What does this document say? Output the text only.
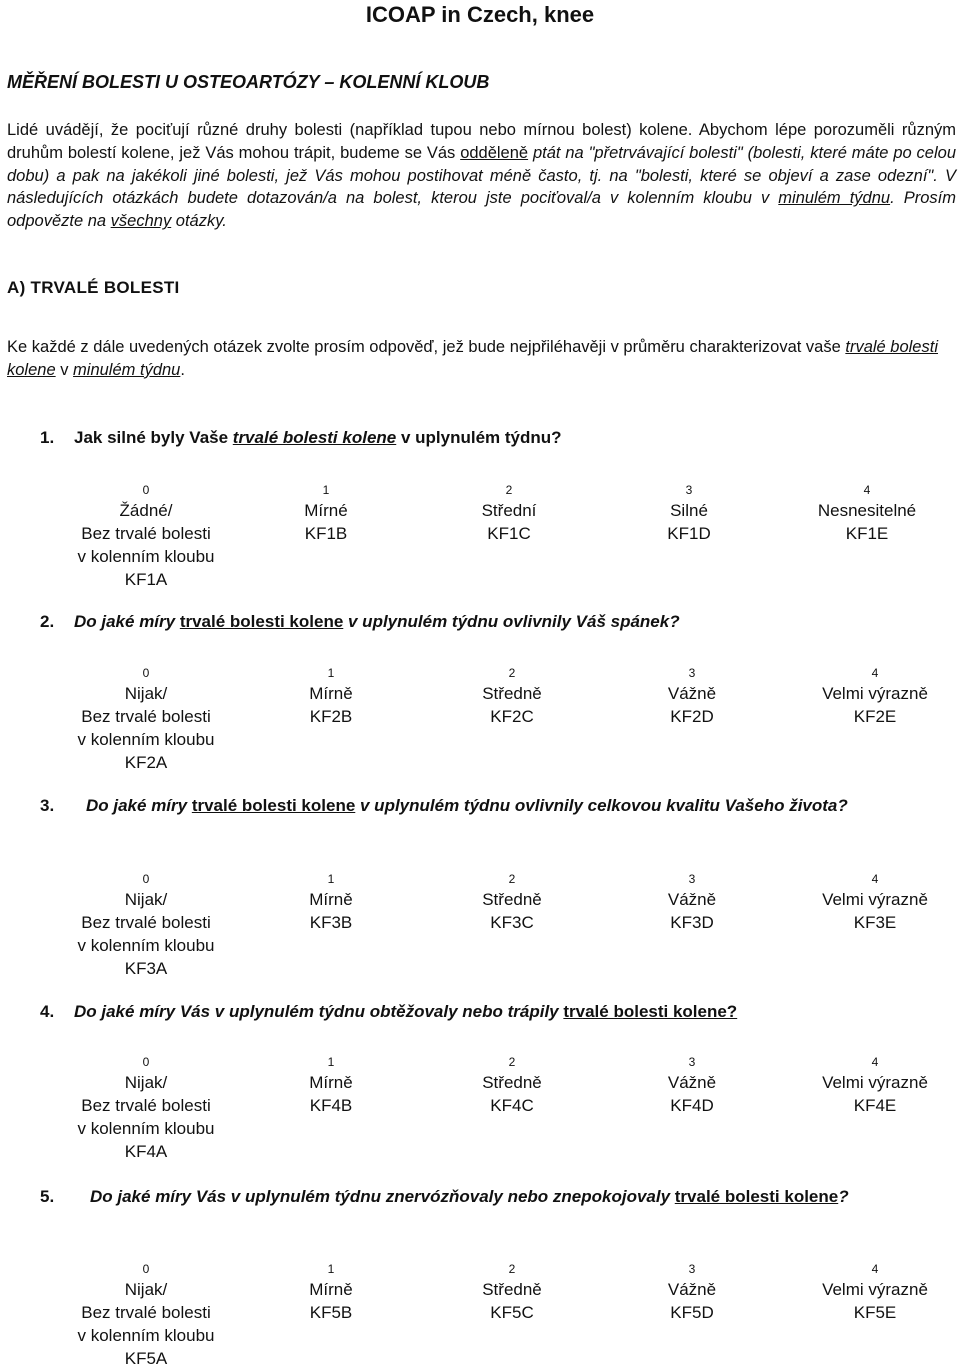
ICOAP in Czech, knee
MĚŘENÍ BOLESTI U OSTEOARTÓZY – KOLENNÍ KLOUB
Lidé uvádějí, že pociťují různé druhy bolesti (například tupou nebo mírnou bolest) kolene. Abychom lépe porozuměli různým druhům bolestí kolene, jež Vás mohou trápit, budeme se Vás odděleně ptát na "přetrvávající bolesti" (bolesti, které máte po celou dobu) a pak na jakékoli jiné bolesti, jež Vás mohou postihovat méně často, tj. na "bolesti, které se objeví a zase odezní". V následujících otázkách budete dotazován/a na bolest, kterou jste pociťoval/a v kolenním kloubu v minulém týdnu. Prosím odpovězte na všechny otázky.
A) TRVALÉ BOLESTI
Ke každé z dále uvedených otázek zvolte prosím odpověď, jež bude nejpřiléhavěji v průměru charakterizovat vaše trvalé bolesti kolene v minulém týdnu.
1. Jak silné byly Vaše trvalé bolesti kolene v uplynulém týdnu?
0
Žádné/
Bez trvalé bolesti
v kolenním kloubu
KF1A
1
Mírné
KF1B
2
Střední
KF1C
3
Silné
KF1D
4
Nesnesitelné
KF1E
2. Do jaké míry trvalé bolesti kolene v uplynulém týdnu ovlivnily Váš spánek?
0
Nijak/
Bez trvalé bolesti
v kolenním kloubu
KF2A
1
Mírně
KF2B
2
Středně
KF2C
3
Vážně
KF2D
4
Velmi výrazně
KF2E
3. Do jaké míry trvalé bolesti kolene v uplynulém týdnu ovlivnily celkovou kvalitu Vašeho života?
0
Nijak/
Bez trvalé bolesti
v kolenním kloubu
KF3A
1
Mírně
KF3B
2
Středně
KF3C
3
Vážně
KF3D
4
Velmi výrazně
KF3E
4. Do jaké míry Vás v uplynulém týdnu obtěžovaly nebo trápily trvalé bolesti kolene?
0
Nijak/
Bez trvalé bolesti
v kolenním kloubu
KF4A
1
Mírně
KF4B
2
Středně
KF4C
3
Vážně
KF4D
4
Velmi výrazně
KF4E
5. Do jaké míry Vás v uplynulém týdnu znervózňovaly nebo znepokojovaly trvalé bolesti kolene?
0
Nijak/
Bez trvalé bolesti
v kolenním kloubu
KF5A
1
Mírně
KF5B
2
Středně
KF5C
3
Vážně
KF5D
4
Velmi výrazně
KF5E
